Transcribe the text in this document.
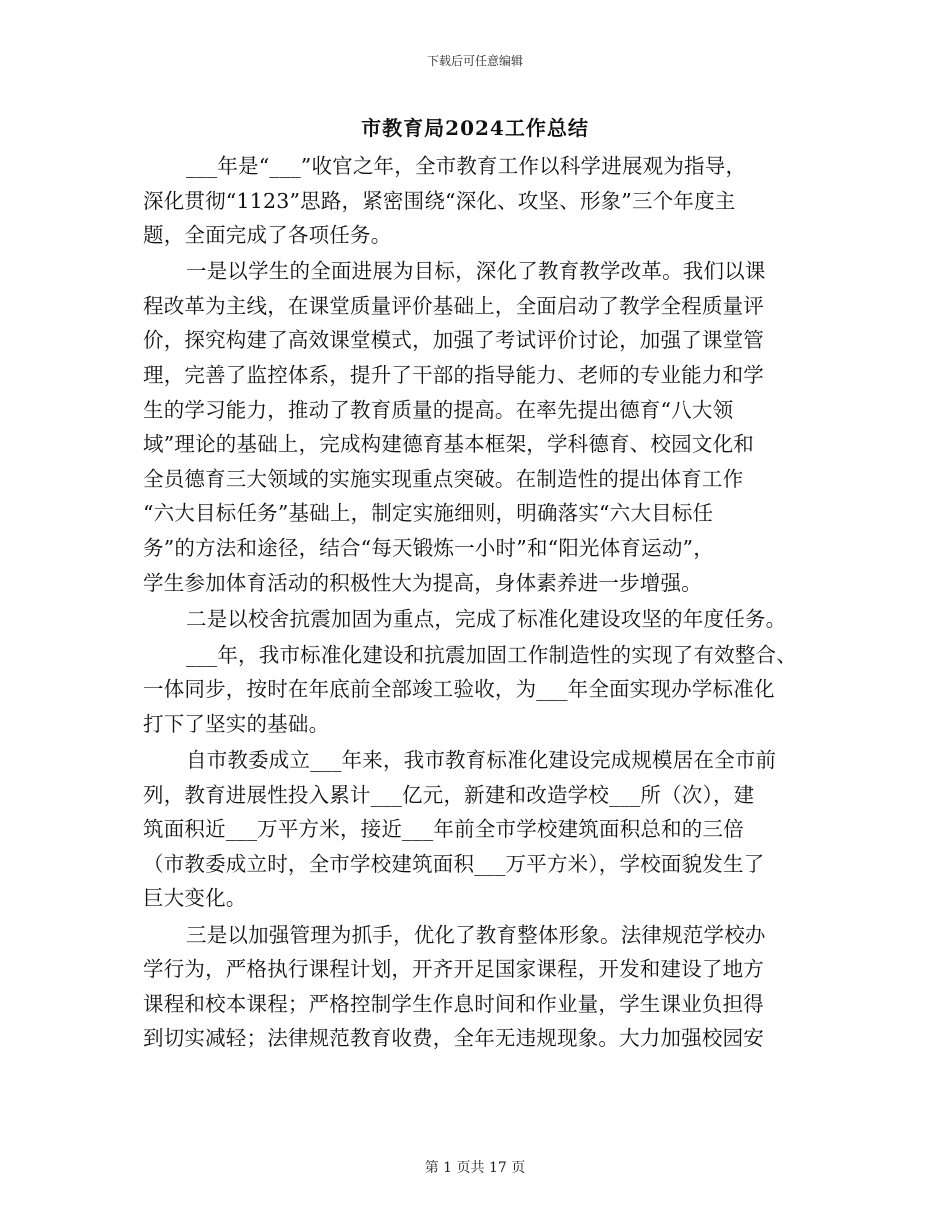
下载后可任意编辑
市教育局2024工作总结
___年是“___”收官之年，全市教育工作以科学进展观为指导，
深化贯彻“1123”思路，紧密围绕“深化、攻坚、形象”三个年度主
题，全面完成了各项任务。
一是以学生的全面进展为目标，深化了教育教学改革。我们以课
程改革为主线，在课堂质量评价基础上，全面启动了教学全程质量评
价，探究构建了高效课堂模式，加强了考试评价讨论，加强了课堂管
理，完善了监控体系，提升了干部的指导能力、老师的专业能力和学
生的学习能力，推动了教育质量的提高。在率先提出德育“八大领
域”理论的基础上，完成构建德育基本框架，学科德育、校园文化和
全员德育三大领域的实施实现重点突破。在制造性的提出体育工作
“六大目标任务”基础上，制定实施细则，明确落实“六大目标任
务”的方法和途径，结合“每天锻炼一小时”和“阳光体育运动”，
学生参加体育活动的积极性大为提高，身体素养进一步增强。
二是以校舍抗震加固为重点，完成了标准化建设攻坚的年度任务。
___年，我市标准化建设和抗震加固工作制造性的实现了有效整合、
一体同步，按时在年底前全部竣工验收，为___年全面实现办学标准化
打下了坚实的基础。
自市教委成立___年来，我市教育标准化建设完成规模居在全市前
列，教育进展性投入累计___亿元，新建和改造学校___所（次），建
筑面积近___万平方米，接近___年前全市学校建筑面积总和的三倍
（市教委成立时，全市学校建筑面积___万平方米），学校面貌发生了
巨大变化。
三是以加强管理为抓手，优化了教育整体形象。法律规范学校办
学行为，严格执行课程计划，开齐开足国家课程，开发和建设了地方
课程和校本课程；严格控制学生作息时间和作业量，学生课业负担得
到切实减轻；法律规范教育收费，全年无违规现象。大力加强校园安
第 1 页共 17 页
